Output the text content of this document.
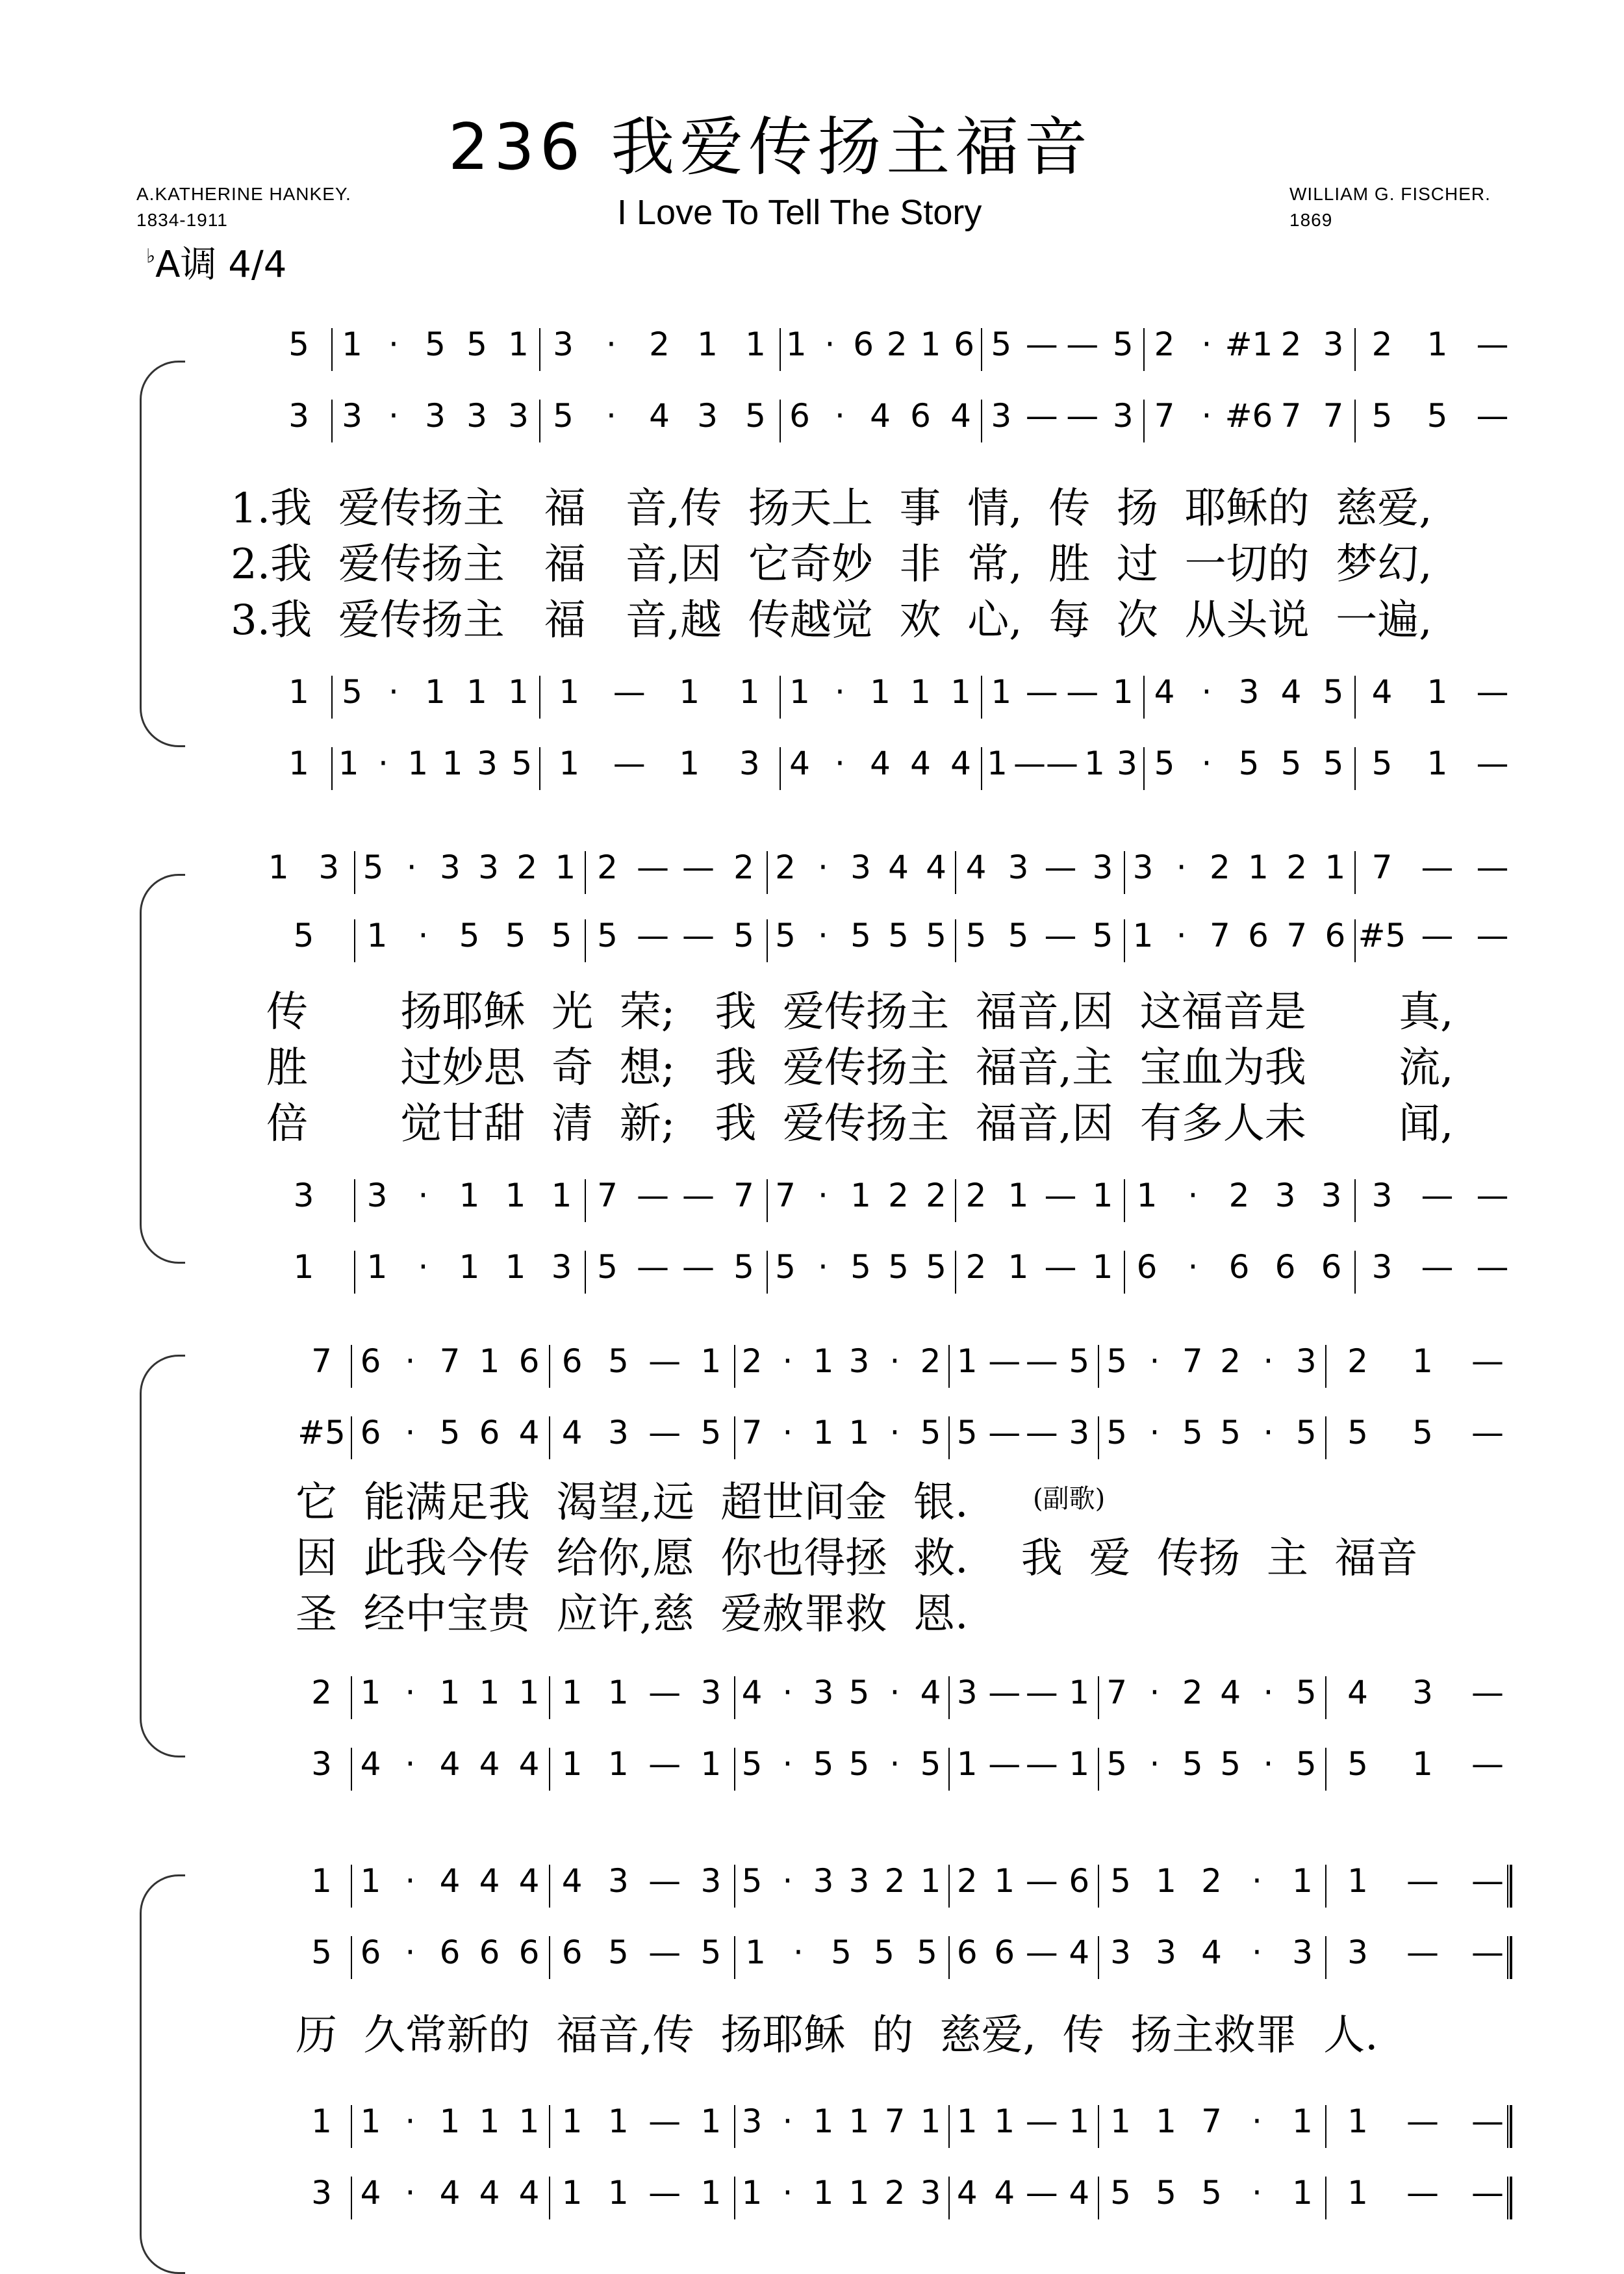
236 我爱传扬主福音
I Love To Tell The Story
A.KATHERINE HANKEY.
1834-1911
WILLIAM G. FISCHER.
1869
♭A调 4/4
5 1 · 5 5 1 3 · 2 1 1 1 · 6 2 1 6 5 — — 5 2 · #1 2 3 2 1 —
3 3 · 3 3 3 5 · 4 3 5 6 · 4 6 4 3 — — 3 7 · #6 7 7 5 5 —
1 5 · 1 1 1 1 — 1 1 1 · 1 1 1 1 — — 1 4 · 3 4 5 4 1 —
1 1 · 1 1 3 5 1 — 1 3 4 · 4 4 4 1 — — 1 3 5 · 5 5 5 5 1 —
1.我  爱传扬主   福   音,传  扬天上  事  情,  传  扬  耶稣的  慈爱,
2.我  爱传扬主   福   音,因  它奇妙  非  常,  胜  过  一切的  梦幻,
3.我  爱传扬主   福   音,越  传越觉  欢  心,  每  次  从头说  一遍,
1 3 5 · 3 3 2 1 2 — — 2 2 · 3 4 4 4 3 — 3 3 · 2 1 2 1 7 — —
5 1 · 5 5 5 5 — — 5 5 · 5 5 5 5 5 — 5 1 · 7 6 7 6 #5 — —
3 3 · 1 1 1 7 — — 7 7 · 1 2 2 2 1 — 1 1 · 2 3 3 3 — —
1 1 · 1 1 3 5 — — 5 5 · 5 5 5 2 1 — 1 6 · 6 6 6 3 — —
传       扬耶稣  光  荣;   我  爱传扬主  福音,因  这福音是       真,
胜       过妙思  奇  想;   我  爱传扬主  福音,主  宝血为我       流,
倍       觉甘甜  清  新;   我  爱传扬主  福音,因  有多人未       闻,
7 6 · 7 1 6 6 5 — 1 2 · 1 3 · 2 1 — — 5 5 · 7 2 · 3 2 1 —
#5 6 · 5 6 4 4 3 — 5 7 · 1 1 · 5 5 — — 3 5 · 5 5 · 5 5 5 —
2 1 · 1 1 1 1 1 — 3 4 · 3 5 · 4 3 — — 1 7 · 2 4 · 5 4 3 —
3 4 · 4 4 4 1 1 — 1 5 · 5 5 · 5 1 — — 1 5 · 5 5 · 5 5 1 —
它  能满足我  渴望,远  超世间金  银.
因  此我今传  给你,愿  你也得拯  救.    我  爱  传扬  主  福音
圣  经中宝贵  应许,慈  爱赦罪救  恩.
(副歌)
1 1 · 4 4 4 4 3 — 3 5 · 3 3 2 1 2 1 — 6 5 1 2 · 1 1 — —
5 6 · 6 6 6 6 5 — 5 1 · 5 5 5 6 6 — 4 3 3 4 · 3 3 — —
1 1 · 1 1 1 1 1 — 1 3 · 1 1 7 1 1 1 — 1 1 1 7 · 1 1 — —
3 4 · 4 4 4 1 1 — 1 1 · 1 1 2 3 4 4 — 4 5 5 5 · 1 1 — —
历  久常新的  福音,传  扬耶稣  的  慈爱,  传  扬主救罪  人.
